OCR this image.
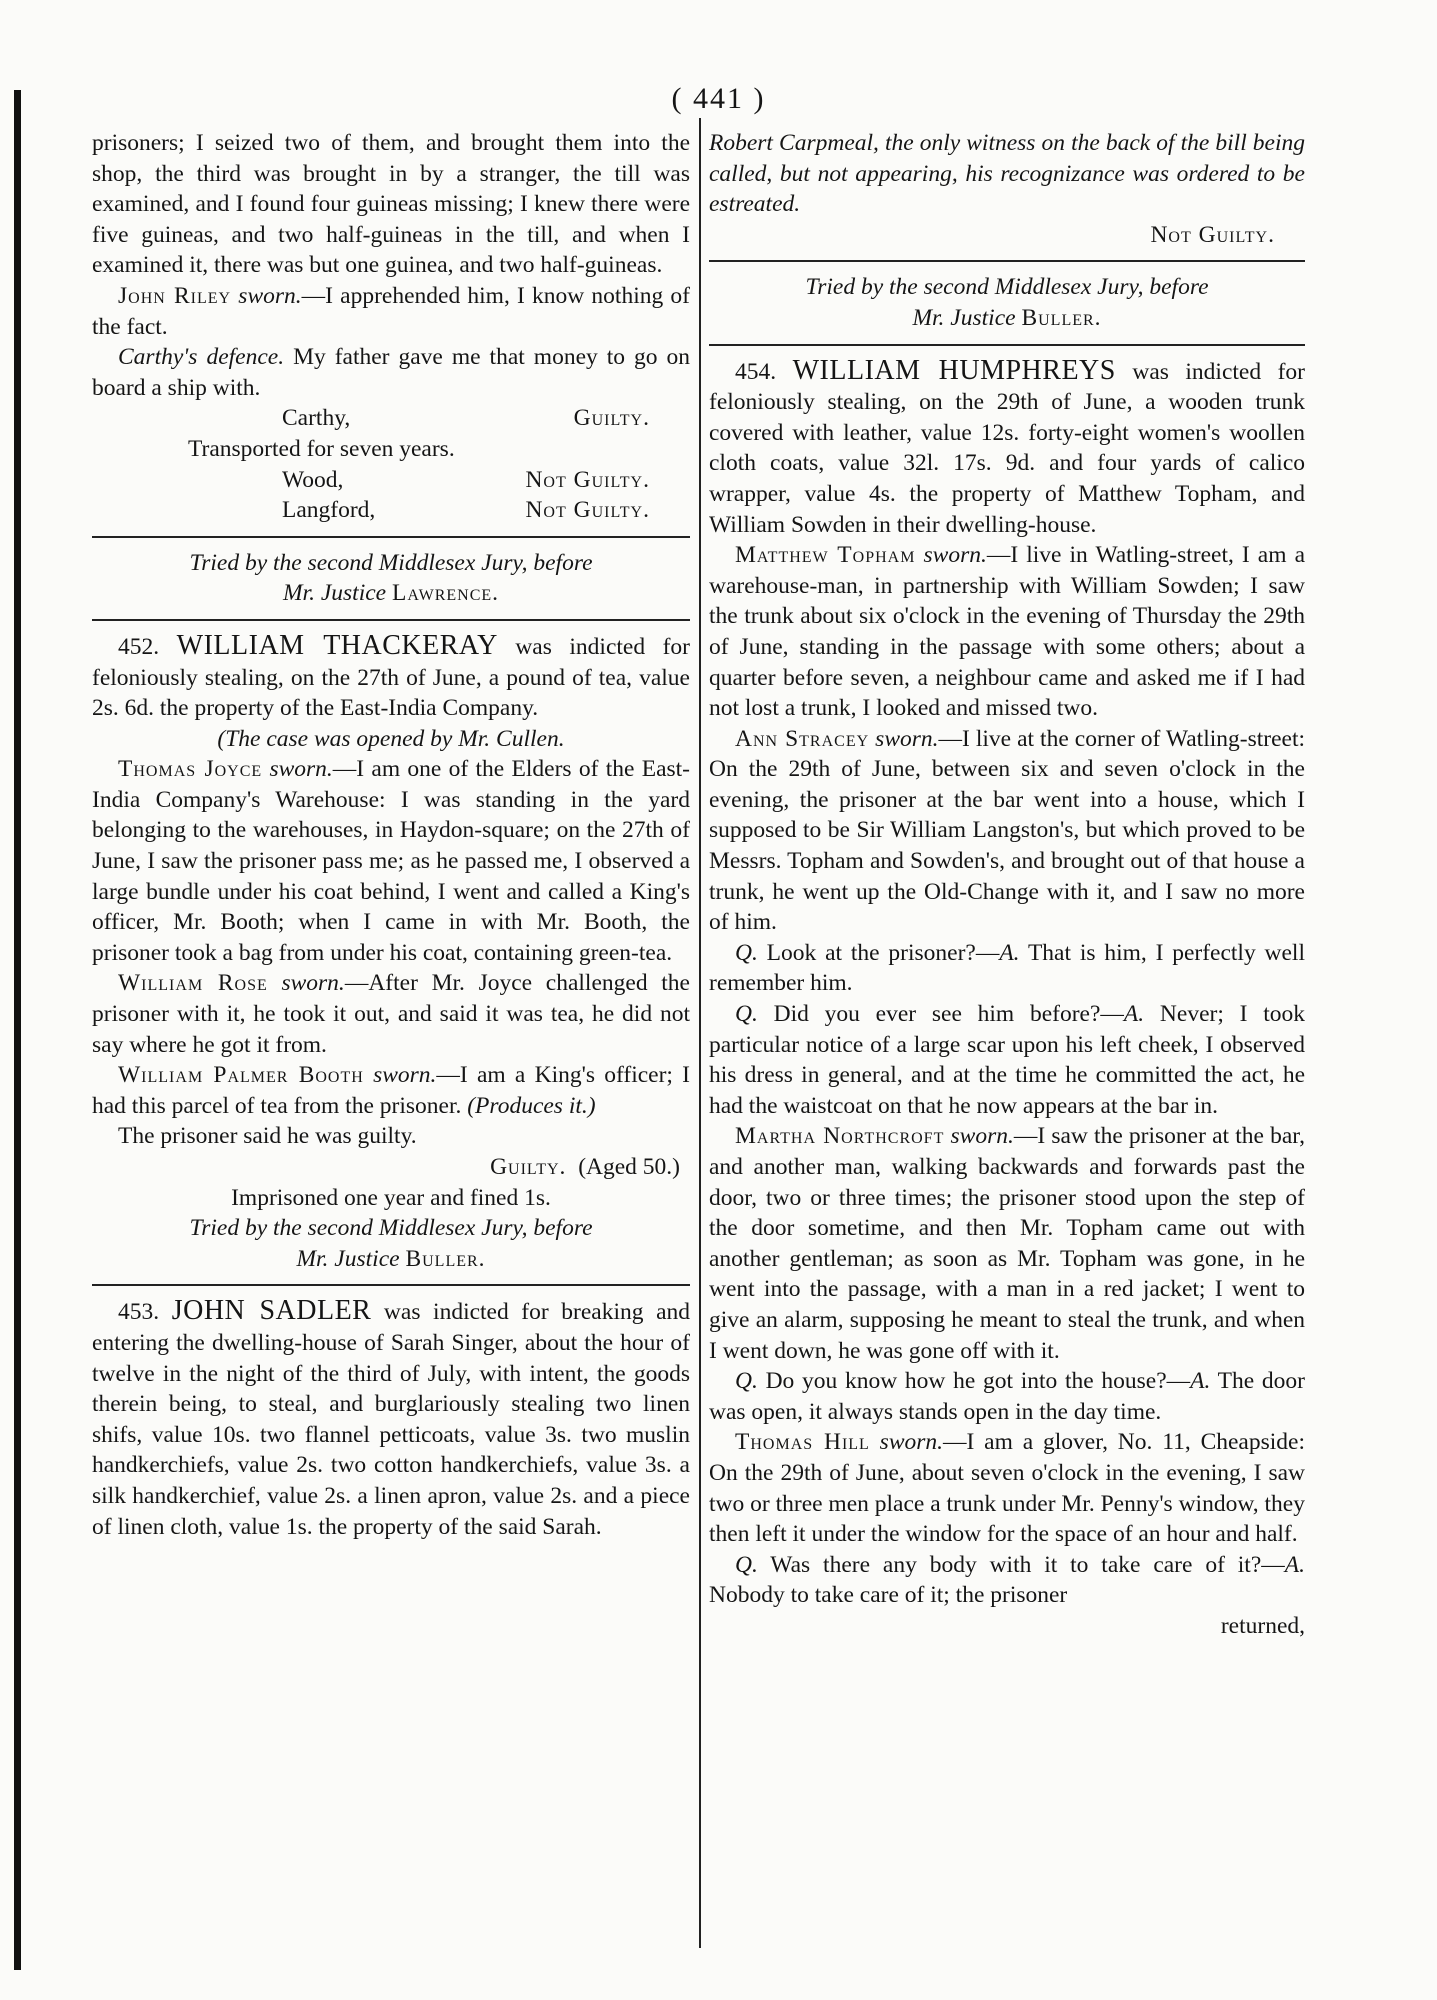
( 441 )

prisoners; I seized two of them, and brought them into the shop, the third was brought in by a stranger, the till was examined, and I found four guineas missing; I knew there were five guineas, and two half-guineas in the till, and when I examined it, there was but one guinea, and two half-guineas.

John Riley sworn.—I apprehended him, I know nothing of the fact.

Carthy's defence. My father gave me that money to go on board a ship with.

Carthy,	Guilty.

Transported for seven years.

Wood,	Not Guilty.
Langford,	Not Guilty.

Tried by the second Middlesex Jury, before

Mr. Justice Lawrence.

452. WILLIAM THACKERAY was indicted for feloniously stealing, on the 27th of June, a pound of tea, value 2s. 6d. the property of the East-India Company.

(The case was opened by Mr. Cullen.

Thomas Joyce sworn.—I am one of the Elders of the East-India Company's Warehouse: I was standing in the yard belonging to the warehouses, in Haydon-square; on the 27th of June, I saw the prisoner pass me; as he passed me, I observed a large bundle under his coat behind, I went and called a King's officer, Mr. Booth; when I came in with Mr. Booth, the prisoner took a bag from under his coat, containing green-tea.

William Rose sworn.—After Mr. Joyce challenged the prisoner with it, he took it out, and said it was tea, he did not say where he got it from.

William Palmer Booth sworn.—I am a King's officer; I had this parcel of tea from the prisoner. (Produces it.)

The prisoner said he was guilty.

Guilty. (Aged 50.)

Imprisoned one year and fined 1s.

Tried by the second Middlesex Jury, before

Mr. Justice Buller.

453. JOHN SADLER was indicted for breaking and entering the dwelling-house of Sarah Singer, about the hour of twelve in the night of the third of July, with intent, the goods therein being, to steal, and burglariously stealing two linen shifs, value 10s. two flannel petticoats, value 3s. two muslin handkerchiefs, value 2s. two cotton handkerchiefs, value 3s. a silk handkerchief, value 2s. a linen apron, value 2s. and a piece of linen cloth, value 1s. the property of the said Sarah.

Robert Carpmeal, the only witness on the back of the bill being called, but not appearing, his recognizance was ordered to be estreated.

Not Guilty.

Tried by the second Middlesex Jury, before

Mr. Justice Buller.

454. WILLIAM HUMPHREYS was indicted for feloniously stealing, on the 29th of June, a wooden trunk covered with leather, value 12s. forty-eight women's woollen cloth coats, value 32l. 17s. 9d. and four yards of calico wrapper, value 4s. the property of Matthew Topham, and William Sowden in their dwelling-house.

Matthew Topham sworn.—I live in Watling-street, I am a warehouse-man, in partnership with William Sowden; I saw the trunk about six o'clock in the evening of Thursday the 29th of June, standing in the passage with some others; about a quarter before seven, a neighbour came and asked me if I had not lost a trunk, I looked and missed two.

Ann Stracey sworn.—I live at the corner of Watling-street: On the 29th of June, between six and seven o'clock in the evening, the prisoner at the bar went into a house, which I supposed to be Sir William Langston's, but which proved to be Messrs. Topham and Sowden's, and brought out of that house a trunk, he went up the Old-Change with it, and I saw no more of him.

Q. Look at the prisoner?—A. That is him, I perfectly well remember him.

Q. Did you ever see him before?—A. Never; I took particular notice of a large scar upon his left cheek, I observed his dress in general, and at the time he committed the act, he had the waistcoat on that he now appears at the bar in.

Martha Northcroft sworn.—I saw the prisoner at the bar, and another man, walking backwards and forwards past the door, two or three times; the prisoner stood upon the step of the door sometime, and then Mr. Topham came out with another gentleman; as soon as Mr. Topham was gone, in he went into the passage, with a man in a red jacket; I went to give an alarm, supposing he meant to steal the trunk, and when I went down, he was gone off with it.

Q. Do you know how he got into the house?—A. The door was open, it always stands open in the day time.

Thomas Hill sworn.—I am a glover, No. 11, Cheapside: On the 29th of June, about seven o'clock in the evening, I saw two or three men place a trunk under Mr. Penny's window, they then left it under the window for the space of an hour and half.

Q. Was there any body with it to take care of it?—A. Nobody to take care of it; the prisoner

returned,
